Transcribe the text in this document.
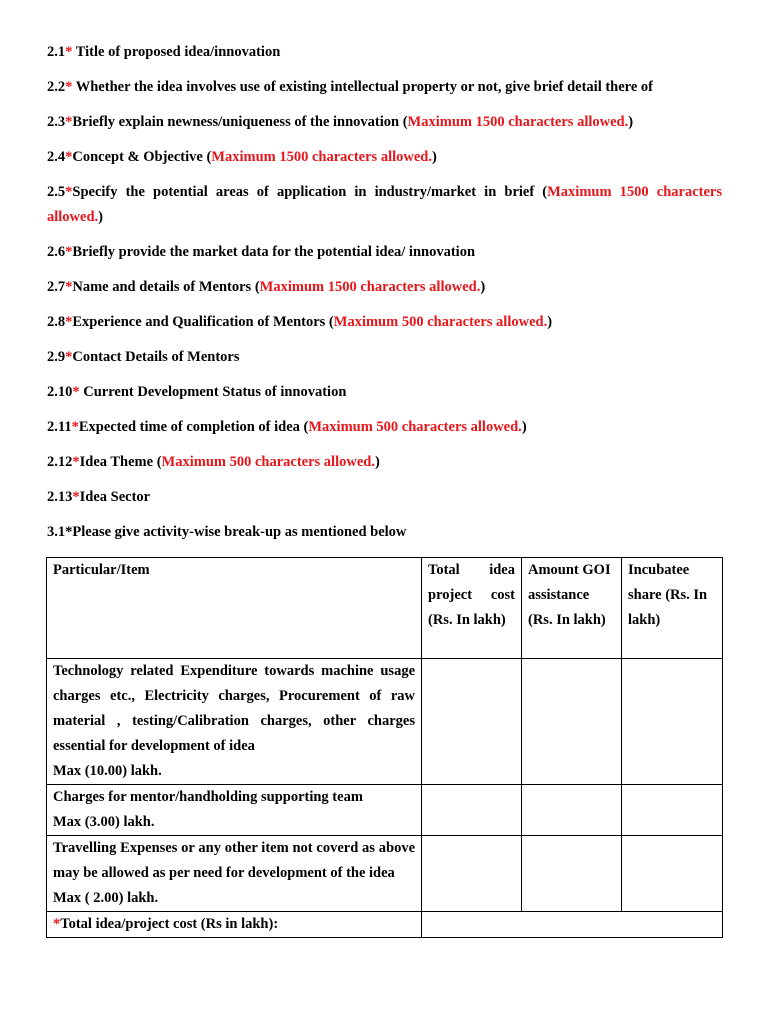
2.1* Title of proposed idea/innovation

2.2* Whether the idea involves use of existing intellectual property or not, give brief detail there of

2.3*Briefly explain newness/uniqueness of the innovation (Maximum 1500 characters allowed.)

2.4*Concept & Objective (Maximum 1500 characters allowed.)

2.5*Specify the potential areas of application in industry/market in brief (Maximum 1500 characters allowed.)

2.6*Briefly provide the market data for the potential idea/ innovation

2.7*Name and details of Mentors (Maximum 1500 characters allowed.)

2.8*Experience and Qualification of Mentors (Maximum 500 characters allowed.)

2.9*Contact Details of Mentors

2.10* Current Development Status of innovation

2.11*Expected time of completion of idea (Maximum 500 characters allowed.)

2.12*Idea Theme (Maximum 500 characters allowed.)

2.13*Idea Sector

3.1*Please give activity-wise break-up as mentioned below

Particular/Item	Total idea project cost (Rs. In lakh)	Amount GOI assistance (Rs. In lakh)	Incubatee share (Rs. In lakh)
Technology related Expenditure towards machine usage charges etc., Electricity charges, Procurement of raw material , testing/Calibration charges, other charges essential for development of idea
Max (10.00) lakh.			
Charges for mentor/handholding supporting team
Max (3.00) lakh.			
Travelling Expenses or any other item not coverd as above may be allowed as per need for development of the idea
Max ( 2.00) lakh.			
*Total idea/project cost (Rs in lakh):			
